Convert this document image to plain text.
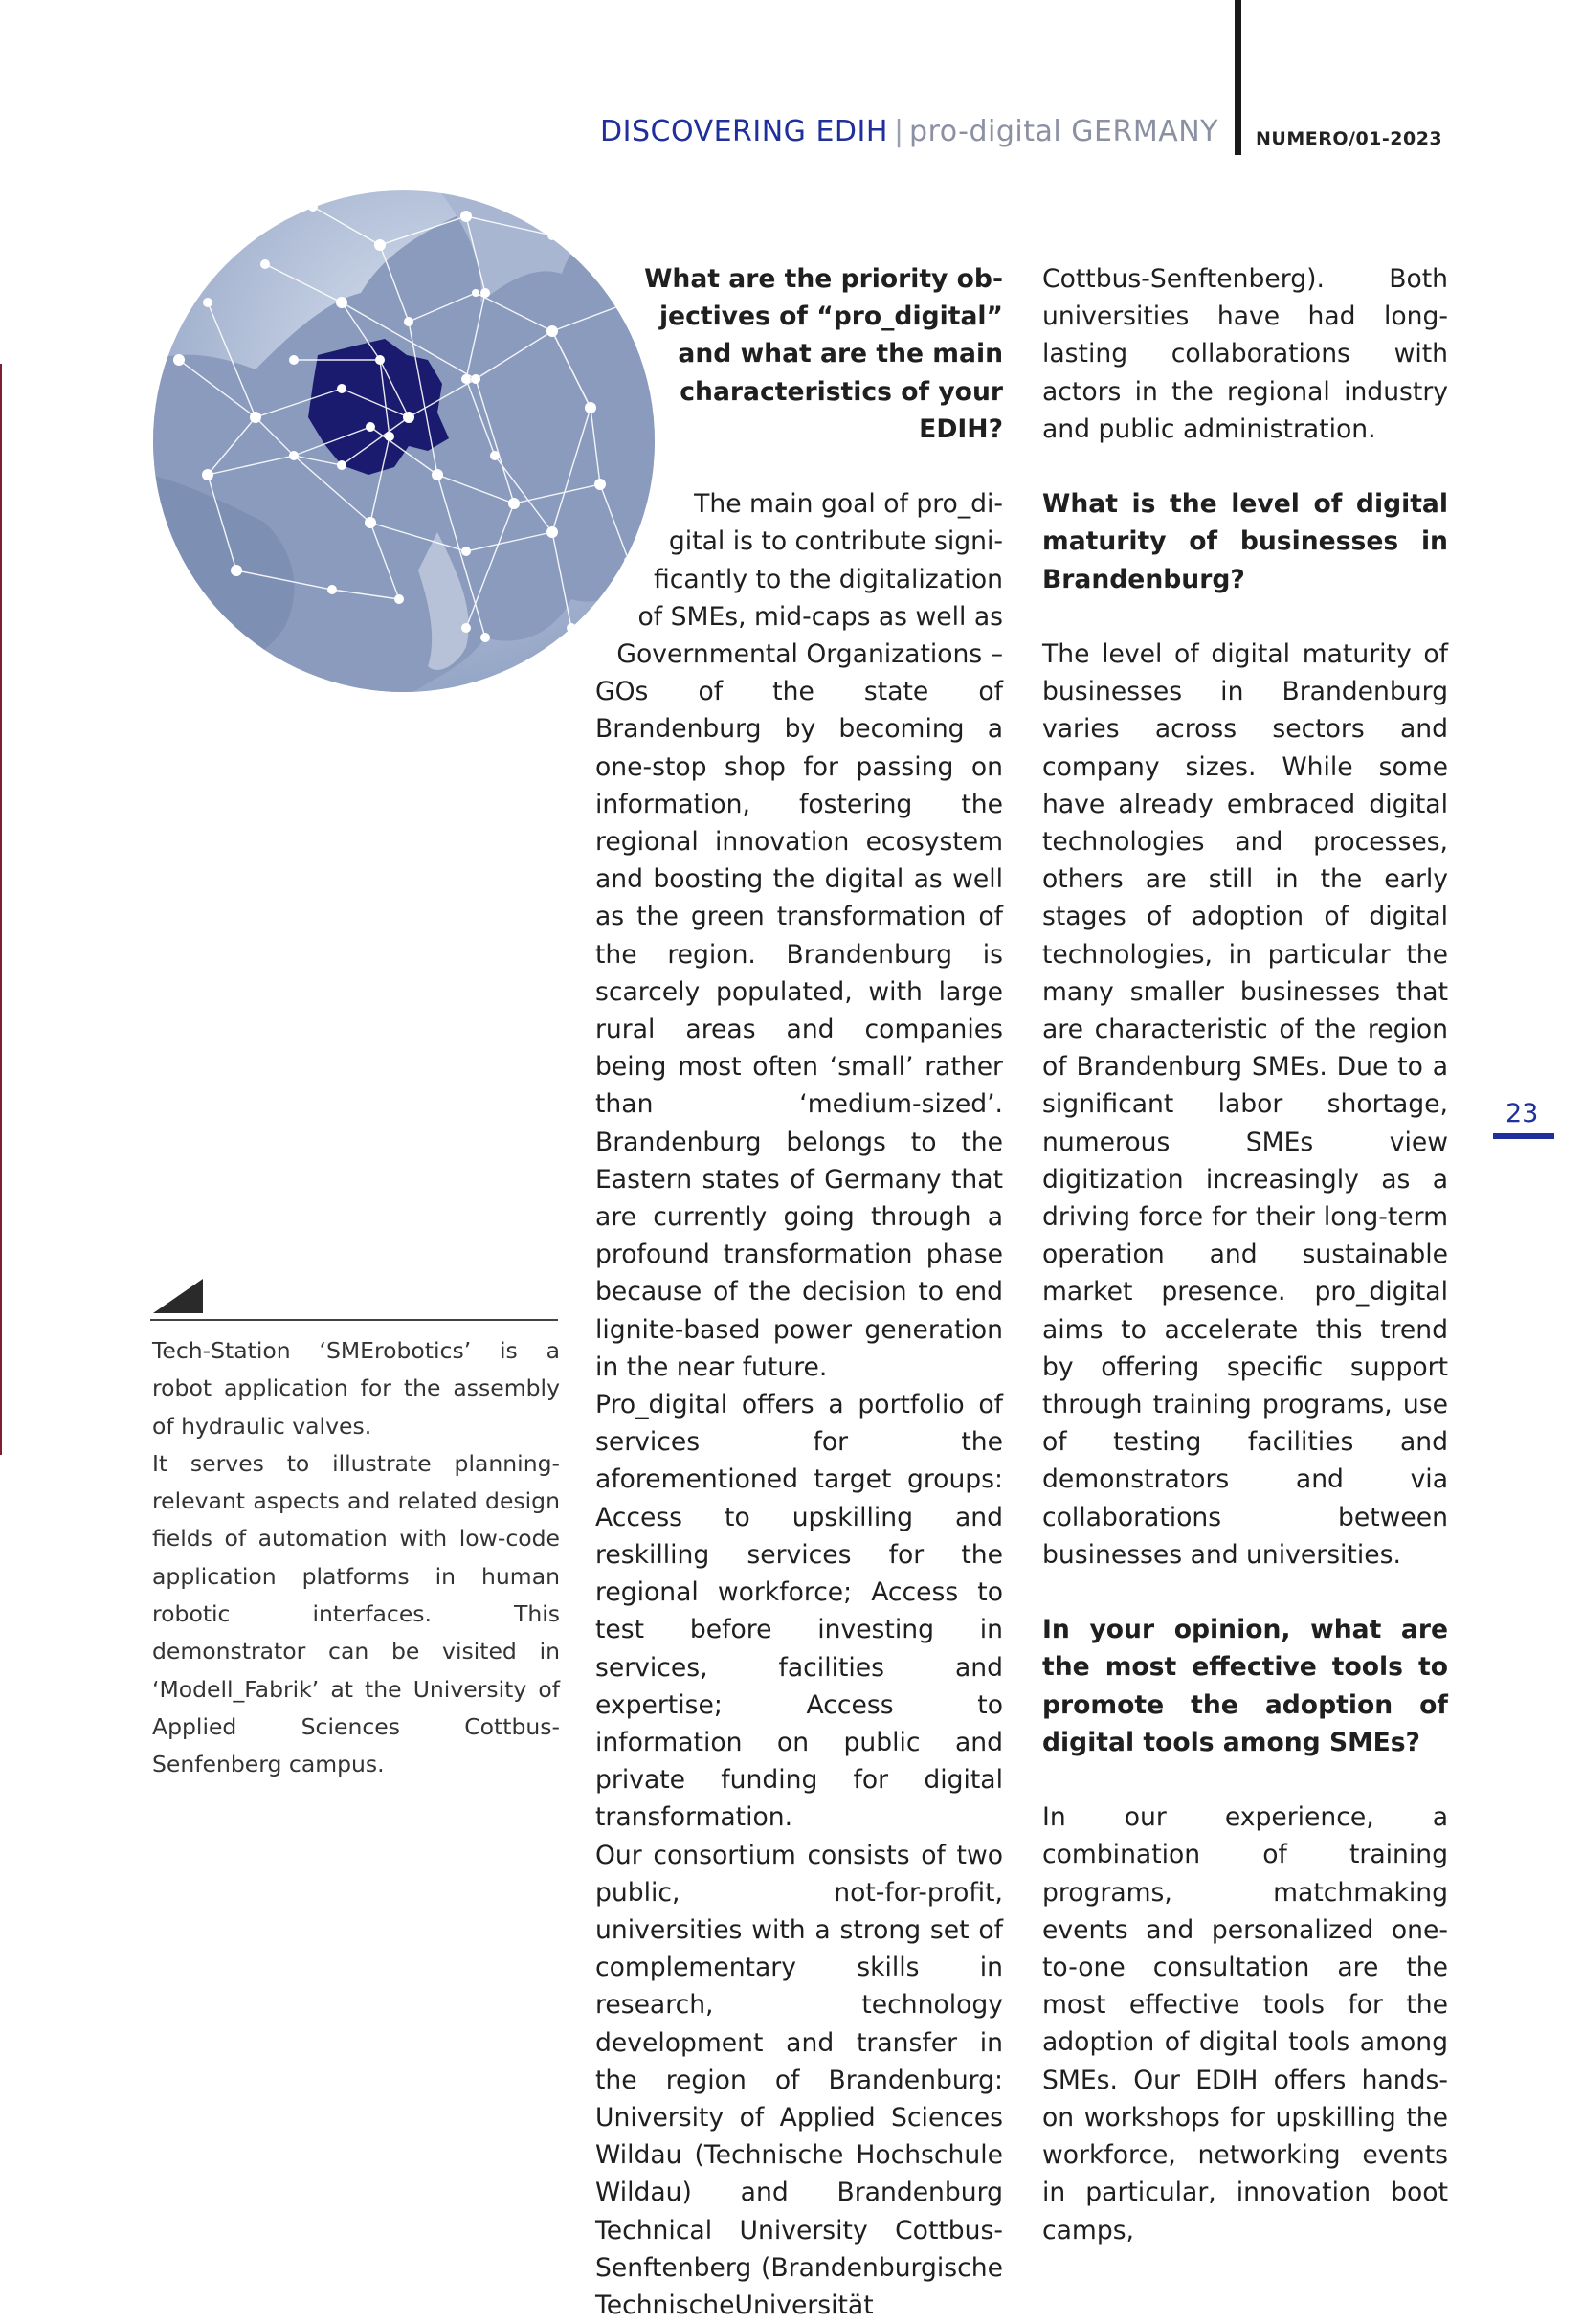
DISCOVERING EDIH | pro-digital GERMANY NUMERO/01-2023

Tech-Station ‘SMErobotics’ is a robot application for the assembly of hydraulic valves.

It serves to illustrate planning-relevant aspects and related design fields of automation with low-code application platforms in human robotic interfaces. This demonstrator can be visited in ‘Modell_Fabrik’ at the University of Applied Sciences Cottbus-Senfenberg campus.

What are the priority ob-

jectives of “pro_digital”

and what are the main

characteristics of your

EDIH?

The main goal of pro_di-

gital is to contribute signi-

ficantly to the digitalization

of SMEs, mid-caps as well as

Governmental Organizations –

GOs of the state of Brandenburg by becoming a one-stop shop for passing on information, fostering the regional innovation ecosystem and boosting the digital as well as the green transformation of the region. Brandenburg is scarcely populated, with large rural areas and companies being most often ‘small’ rather than ‘medium-sized’. Brandenburg belongs to the Eastern states of Germany that are currently going through a profound transformation phase because of the decision to end lignite-based power generation in the near future.

Pro_digital offers a portfolio of services for the aforementioned target groups: Access to upskilling and reskilling services for the regional workforce; Access to test before investing in services, facilities and expertise; Access to information on public and private funding for digital transformation.

Our consortium consists of two public, not-for-profit, universities with a strong set of complementary skills in research, technology development and transfer in the region of Brandenburg: University of Applied Sciences Wildau (Technische Hochschule Wildau) and Brandenburg Technical University Cottbus-Senftenberg (Brandenburgische TechnischeUniversität

Cottbus-Senftenberg). Both universities have had long-lasting collaborations with actors in the regional industry and public administration.

What is the level of digital maturity of businesses in Brandenburg?

The level of digital maturity of businesses in Brandenburg varies across sectors and company sizes. While some have already embraced digital technologies and processes, others are still in the early stages of adoption of digital technologies, in particular the many smaller businesses that are characteristic of the region of Brandenburg SMEs. Due to a significant labor shortage, numerous SMEs view digitization increasingly as a driving force for their long-term operation and sustainable market presence. pro_digital aims to accelerate this trend by offering specific support through training programs, use of testing facilities and demonstrators and via collaborations between businesses and universities.

In your opinion, what are the most effective tools to promote the adoption of digital tools among SMEs?

In our experience, a combination of training programs, matchmaking events and personalized one-to-one consultation are the most effective tools for the adoption of digital tools among SMEs. Our EDIH offers hands-on workshops for upskilling the workforce, networking events in particular, innovation boot camps,

23
